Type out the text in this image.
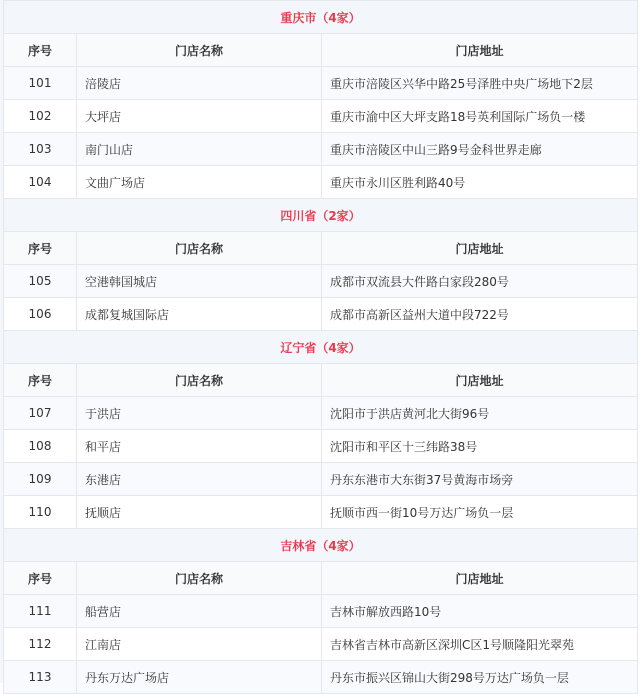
重庆市（4家）		
序号	门店名称	门店地址
101	涪陵店	重庆市涪陵区兴华中路25号泽胜中央广场地下2层
102	大坪店	重庆市渝中区大坪支路18号英利国际广场负一楼
103	南门山店	重庆市涪陵区中山三路9号金科世界走廊
104	文曲广场店	重庆市永川区胜利路40号
四川省（2家）		
序号	门店名称	门店地址
105	空港韩国城店	成都市双流县大件路白家段280号
106	成都复城国际店	成都市高新区益州大道中段722号
辽宁省（4家）		
序号	门店名称	门店地址
107	于洪店	沈阳市于洪店黄河北大街96号
108	和平店	沈阳市和平区十三纬路38号
109	东港店	丹东东港市大东街37号黄海市场旁
110	抚顺店	抚顺市西一街10号万达广场负一层
吉林省（4家）		
序号	门店名称	门店地址
111	船营店	吉林市解放西路10号
112	江南店	吉林省吉林市高新区深圳C区1号顺隆阳光翠苑
113	丹东万达广场店	丹东市振兴区锦山大街298号万达广场负一层
